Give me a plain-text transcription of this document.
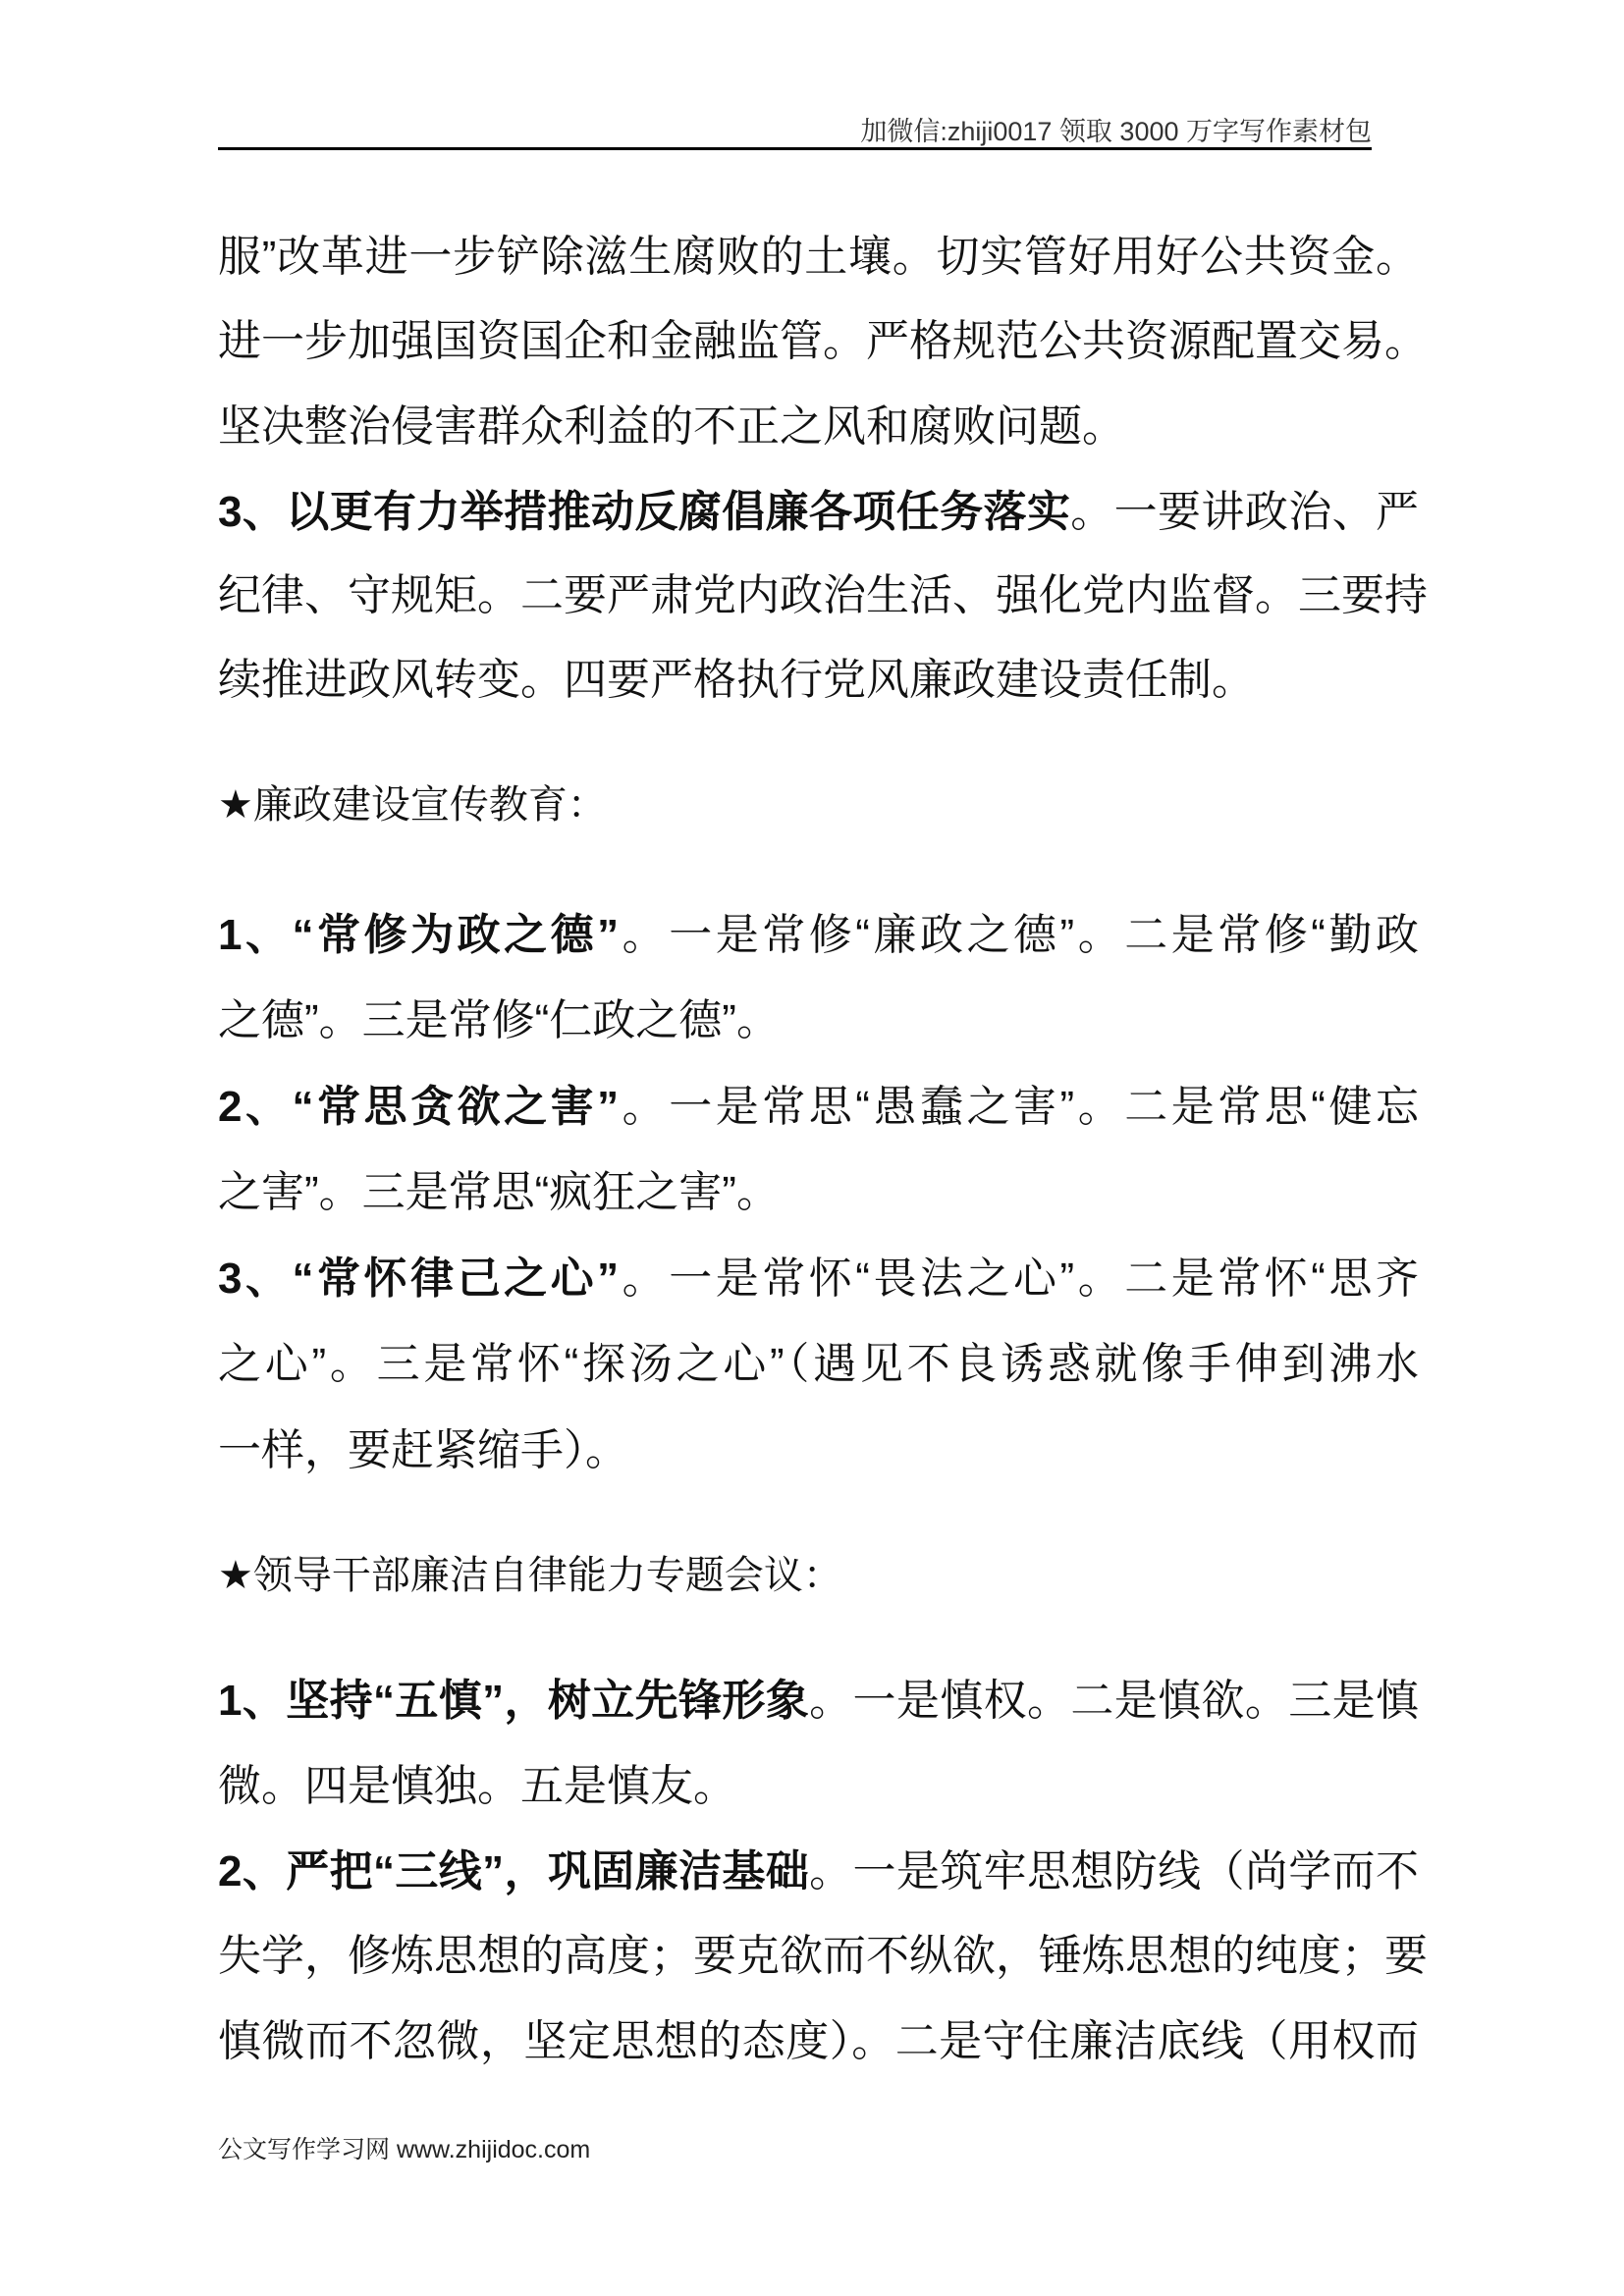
加微信:zhiji0017 领取 3000 万字写作素材包
服”改革进一步铲除滋生腐败的土壤。切实管好用好公共资金。
进一步加强国资国企和金融监管。严格规范公共资源配置交易。
坚决整治侵害群众利益的不正之风和腐败问题。
3、以更有力举措推动反腐倡廉各项任务落实。一要讲政治、严
纪律、守规矩。二要严肃党内政治生活、强化党内监督。三要持
续推进政风转变。四要严格执行党风廉政建设责任制。
★廉政建设宣传教育：
1、“常修为政之德”。一是常修“廉政之德”。二是常修“勤政
之德”。三是常修“仁政之德”。
2、“常思贪欲之害”。一是常思“愚蠢之害”。二是常思“健忘
之害”。三是常思“疯狂之害”。
3、“常怀律己之心”。一是常怀“畏法之心”。二是常怀“思齐
之心”。三是常怀“探汤之心”（遇见不良诱惑就像手伸到沸水
一样，要赶紧缩手）。
★领导干部廉洁自律能力专题会议：
1、坚持“五慎”，树立先锋形象。一是慎权。二是慎欲。三是慎
微。四是慎独。五是慎友。
2、严把“三线”，巩固廉洁基础。一是筑牢思想防线（尚学而不
失学，修炼思想的高度；要克欲而不纵欲，锤炼思想的纯度；要
慎微而不忽微，坚定思想的态度）。二是守住廉洁底线（用权而
公文写作学习网 www.zhijidoc.com
